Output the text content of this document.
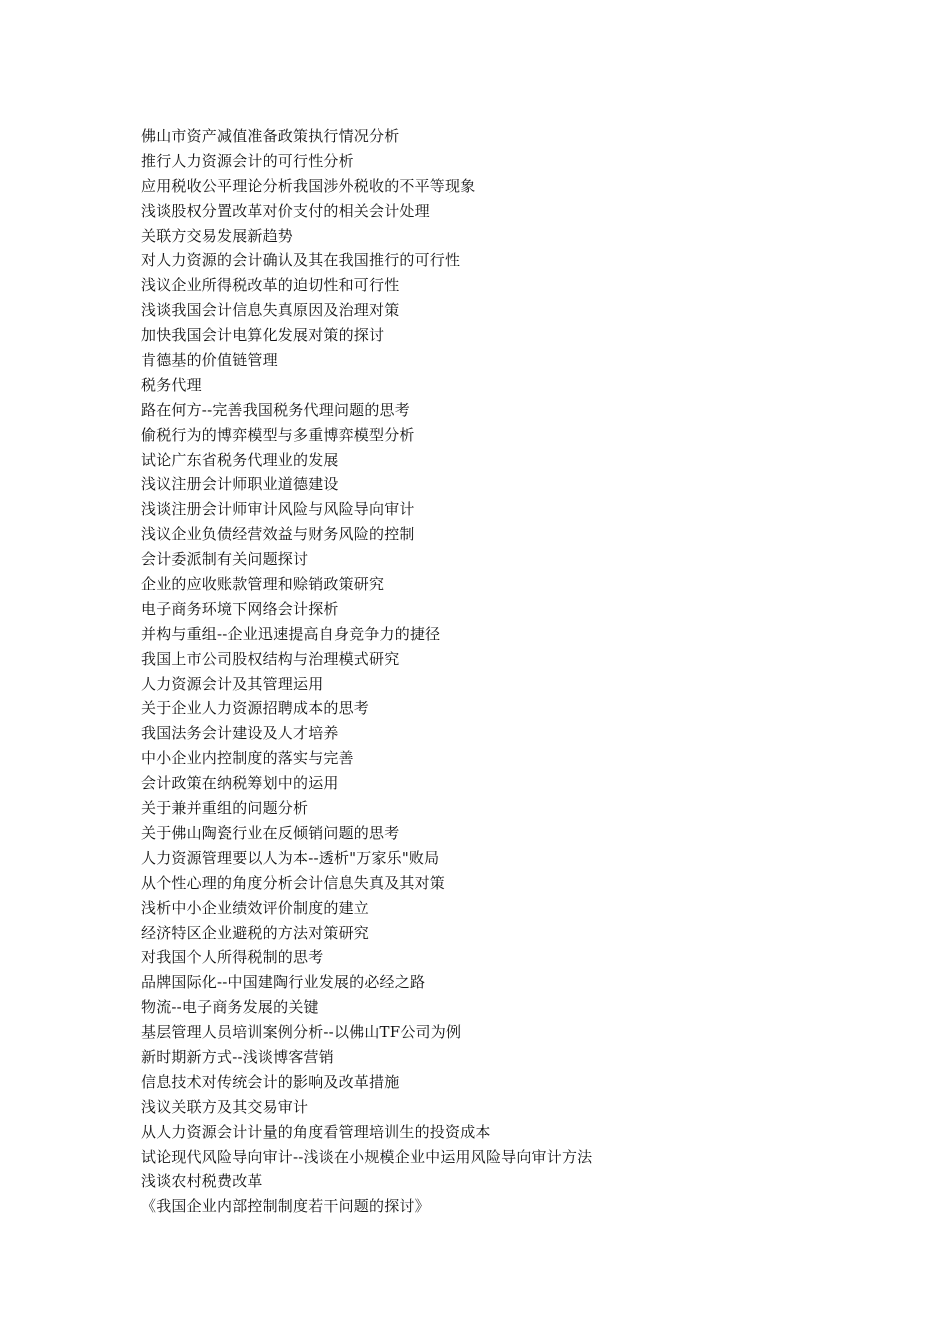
佛山市资产减值准备政策执行情况分析
推行人力资源会计的可行性分析
应用税收公平理论分析我国涉外税收的不平等现象
浅谈股权分置改革对价支付的相关会计处理
关联方交易发展新趋势
对人力资源的会计确认及其在我国推行的可行性
浅议企业所得税改革的迫切性和可行性
浅谈我国会计信息失真原因及治理对策
加快我国会计电算化发展对策的探讨
肯德基的价值链管理
税务代理
路在何方--完善我国税务代理问题的思考
偷税行为的博弈模型与多重博弈模型分析
试论广东省税务代理业的发展
浅议注册会计师职业道德建设
浅谈注册会计师审计风险与风险导向审计
浅议企业负债经营效益与财务风险的控制
会计委派制有关问题探讨
企业的应收账款管理和赊销政策研究
电子商务环境下网络会计探析
并构与重组--企业迅速提高自身竞争力的捷径
我国上市公司股权结构与治理模式研究
人力资源会计及其管理运用
关于企业人力资源招聘成本的思考
我国法务会计建设及人才培养
中小企业内控制度的落实与完善
会计政策在纳税筹划中的运用
关于兼并重组的问题分析
关于佛山陶瓷行业在反倾销问题的思考
人力资源管理要以人为本--透析"万家乐"败局
从个性心理的角度分析会计信息失真及其对策
浅析中小企业绩效评价制度的建立
经济特区企业避税的方法对策研究
对我国个人所得税制的思考
品牌国际化--中国建陶行业发展的必经之路
物流--电子商务发展的关键
基层管理人员培训案例分析--以佛山TF公司为例
新时期新方式--浅谈博客营销
信息技术对传统会计的影响及改革措施
浅议关联方及其交易审计
从人力资源会计计量的角度看管理培训生的投资成本
试论现代风险导向审计--浅谈在小规模企业中运用风险导向审计方法
浅谈农村税费改革
《我国企业内部控制制度若干问题的探讨》
